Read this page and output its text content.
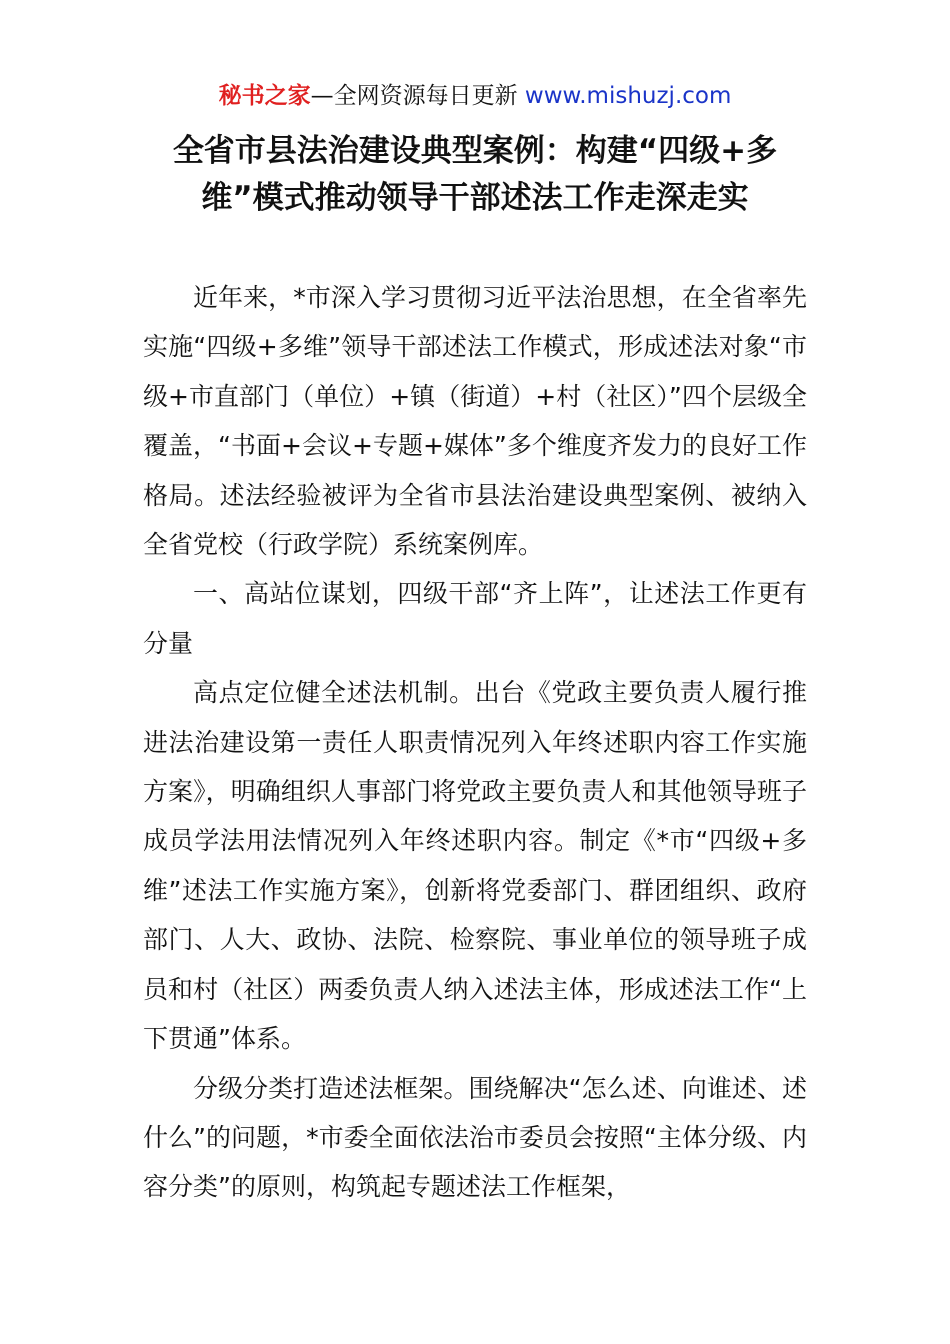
秘书之家—全网资源每日更新 www.mishuzj.com
全省市县法治建设典型案例：构建“四级+多
维”模式推动领导干部述法工作走深走实

近年来，*市深入学习贯彻习近平法治思想，在全省率先实施“四级+多维”领导干部述法工作模式，形成述法对象“市级+市直部门（单位）+镇（街道）+村（社区）”四个层级全覆盖，“书面+会议+专题+媒体”多个维度齐发力的良好工作格局。述法经验被评为全省市县法治建设典型案例、被纳入全省党校（行政学院）系统案例库。

一、高站位谋划，四级干部“齐上阵”，让述法工作更有分量

高点定位健全述法机制。出台《党政主要负责人履行推进法治建设第一责任人职责情况列入年终述职内容工作实施方案》，明确组织人事部门将党政主要负责人和其他领导班子成员学法用法情况列入年终述职内容。制定《*市“四级+多维”述法工作实施方案》，创新将党委部门、群团组织、政府部门、人大、政协、法院、检察院、事业单位的领导班子成员和村（社区）两委负责人纳入述法主体，形成述法工作“上下贯通”体系。

分级分类打造述法框架。围绕解决“怎么述、向谁述、述什么”的问题，*市委全面依法治市委员会按照“主体分级、内容分类”的原则，构筑起专题述法工作框架，
